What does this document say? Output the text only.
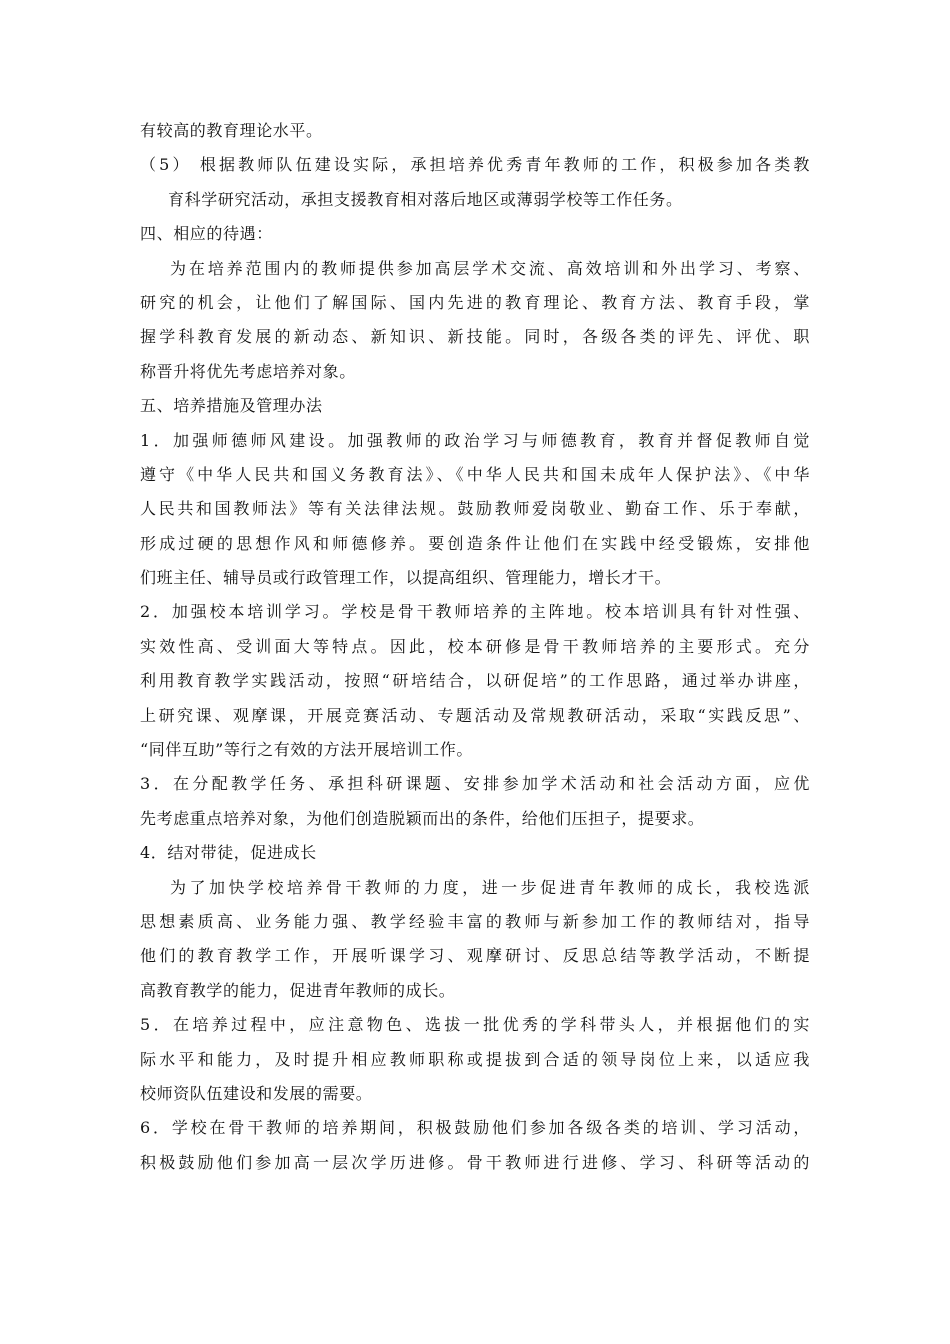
有较高的教育理论水平。
（5） 根据教师队伍建设实际，承担培养优秀青年教师的工作，积极参加各类教
育科学研究活动，承担支援教育相对落后地区或薄弱学校等工作任务。
四、相应的待遇：
为在培养范围内的教师提供参加高层学术交流、高效培训和外出学习、考察、
研究的机会，让他们了解国际、国内先进的教育理论、教育方法、教育手段，掌
握学科教育发展的新动态、新知识、新技能。同时，各级各类的评先、评优、职
称晋升将优先考虑培养对象。
五、培养措施及管理办法
1．加强师德师风建设。加强教师的政治学习与师德教育，教育并督促教师自觉
遵守《中华人民共和国义务教育法》、《中华人民共和国未成年人保护法》、《中华
人民共和国教师法》等有关法律法规。鼓励教师爱岗敬业、勤奋工作、乐于奉献，
形成过硬的思想作风和师德修养。要创造条件让他们在实践中经受锻炼，安排他
们班主任、辅导员或行政管理工作，以提高组织、管理能力，增长才干。
2．加强校本培训学习。学校是骨干教师培养的主阵地。校本培训具有针对性强、
实效性高、受训面大等特点。因此，校本研修是骨干教师培养的主要形式。充分
利用教育教学实践活动，按照“研培结合，以研促培”的工作思路，通过举办讲座，
上研究课、观摩课，开展竞赛活动、专题活动及常规教研活动，采取“实践反思”、
“同伴互助”等行之有效的方法开展培训工作。
3．在分配教学任务、承担科研课题、安排参加学术活动和社会活动方面，应优
先考虑重点培养对象，为他们创造脱颖而出的条件，给他们压担子，提要求。
4．结对带徒，促进成长
为了加快学校培养骨干教师的力度，进一步促进青年教师的成长，我校选派
思想素质高、业务能力强、教学经验丰富的教师与新参加工作的教师结对，指导
他们的教育教学工作，开展听课学习、观摩研讨、反思总结等教学活动，不断提
高教育教学的能力，促进青年教师的成长。
5．在培养过程中，应注意物色、选拔一批优秀的学科带头人，并根据他们的实
际水平和能力，及时提升相应教师职称或提拔到合适的领导岗位上来，以适应我
校师资队伍建设和发展的需要。
6．学校在骨干教师的培养期间，积极鼓励他们参加各级各类的培训、学习活动，
积极鼓励他们参加高一层次学历进修。骨干教师进行进修、学习、科研等活动的
